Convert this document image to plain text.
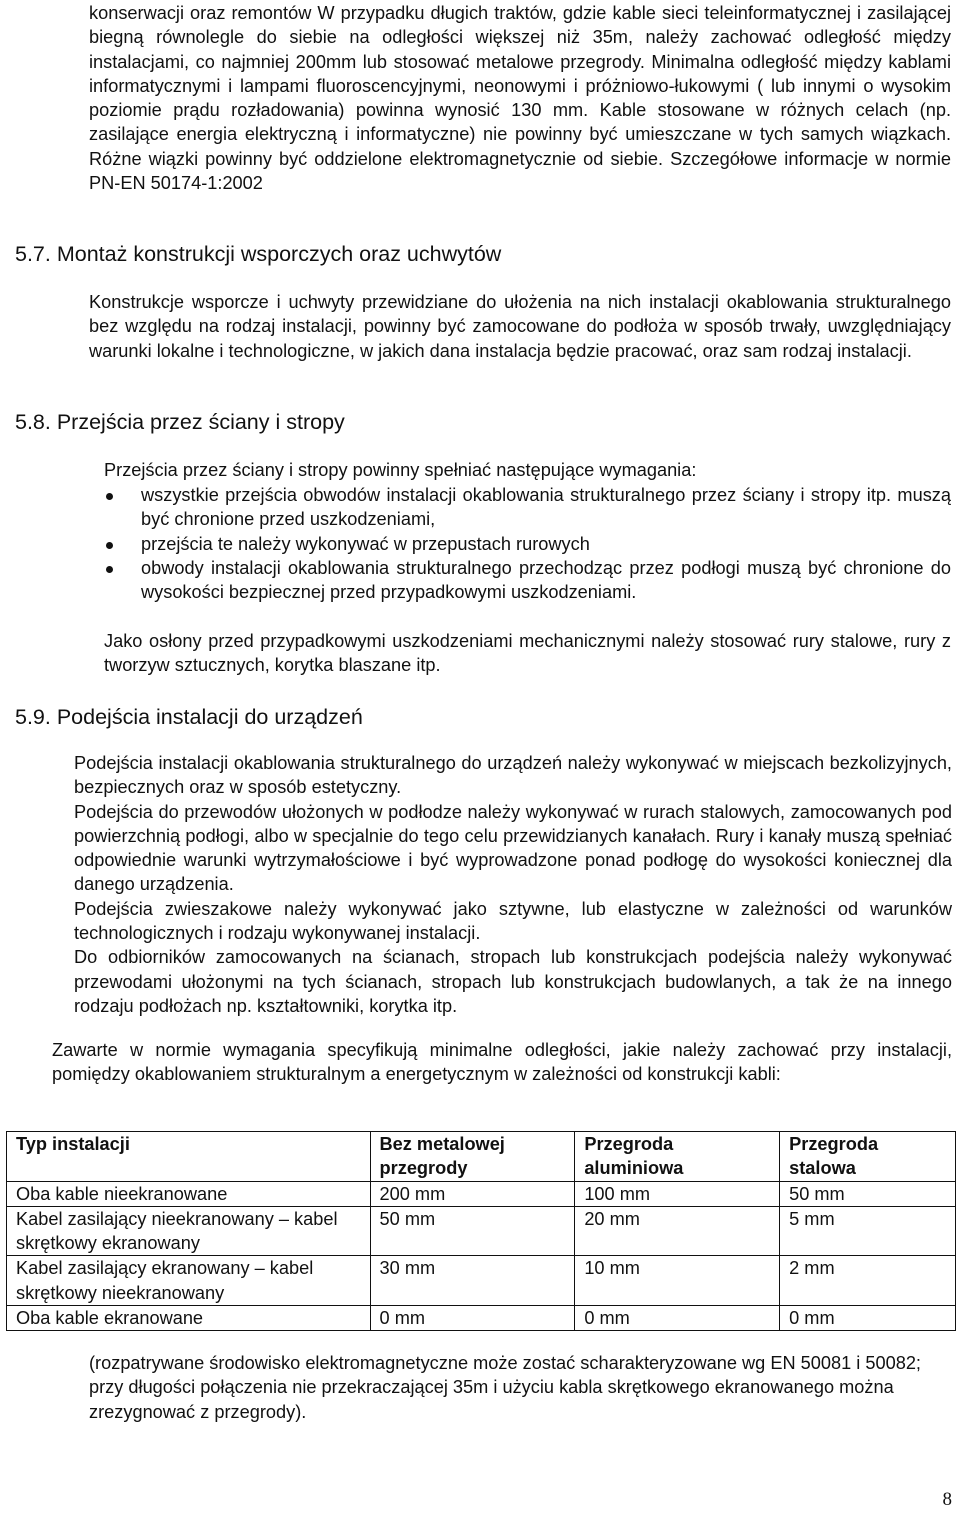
konserwacji oraz remontów W przypadku długich traktów, gdzie kable sieci teleinformatycznej i zasilającej biegną równolegle do siebie na odległości większej niż 35m, należy zachować odległość między instalacjami, co najmniej 200mm lub stosować metalowe przegrody. Minimalna odległość między kablami informatycznymi i lampami fluoroscencyjnymi, neonowymi i próżniowo-łukowymi ( lub innymi o wysokim poziomie prądu rozładowania) powinna wynosić 130 mm. Kable stosowane w różnych celach (np. zasilające energia elektryczną i informatyczne) nie powinny być umieszczane w tych samych wiązkach. Różne wiązki powinny być oddzielone elektromagnetycznie od siebie. Szczegółowe informacje w normie PN-EN 50174-1:2002
5.7. Montaż konstrukcji wsporczych oraz uchwytów
Konstrukcje wsporcze i uchwyty przewidziane do ułożenia na nich instalacji okablowania strukturalnego bez względu na rodzaj instalacji, powinny być zamocowane do podłoża w sposób trwały, uwzględniający warunki lokalne i technologiczne, w jakich dana instalacja będzie pracować, oraz sam rodzaj instalacji.
5.8. Przejścia przez ściany i stropy
Przejścia przez ściany i stropy powinny spełniać następujące wymagania:
wszystkie przejścia obwodów instalacji okablowania strukturalnego przez ściany i stropy itp. muszą być chronione przed uszkodzeniami,
przejścia te należy wykonywać w przepustach rurowych
obwody instalacji okablowania strukturalnego przechodząc przez podłogi muszą być chronione do wysokości bezpiecznej przed przypadkowymi uszkodzeniami.
Jako osłony przed przypadkowymi uszkodzeniami mechanicznymi należy stosować rury stalowe, rury z tworzyw sztucznych, korytka blaszane itp.
5.9. Podejścia instalacji do urządzeń

Podejścia instalacji okablowania strukturalnego do urządzeń należy wykonywać w miejscach bezkolizyjnych, bezpiecznych oraz w sposób estetyczny.

Podejścia do przewodów ułożonych w podłodze należy wykonywać w rurach stalowych, zamocowanych pod powierzchnią podłogi, albo w specjalnie do tego celu przewidzianych kanałach. Rury i kanały muszą spełniać odpowiednie warunki wytrzymałościowe i być wyprowadzone ponad podłogę do wysokości koniecznej dla danego urządzenia.

Podejścia zwieszakowe należy wykonywać jako sztywne, lub elastyczne w zależności od warunków technologicznych i rodzaju wykonywanej instalacji.

Do odbiorników zamocowanych na ścianach, stropach lub konstrukcjach podejścia należy wykonywać przewodami ułożonymi na tych ścianach, stropach lub konstrukcjach budowlanych, a tak że na innego rodzaju podłożach np. kształtowniki, korytka itp.

Zawarte w normie wymagania specyfikują minimalne odległości, jakie należy zachować przy instalacji, pomiędzy okablowaniem strukturalnym a energetycznym w zależności od konstrukcji kabli:
Typ instalacji	Bez metalowej przegrody	Przegroda aluminiowa	Przegroda stalowa
Oba kable nieekranowane	200 mm	100 mm	50 mm
Kabel zasilający nieekranowany – kabel skrętkowy ekranowany	50 mm	20 mm	5 mm
Kabel zasilający ekranowany – kabel skrętkowy nieekranowany	30 mm	10 mm	2 mm
Oba kable ekranowane	0 mm	0 mm	0 mm
(rozpatrywane środowisko elektromagnetyczne może zostać scharakteryzowane wg EN 50081 i 50082; przy długości połączenia nie przekraczającej 35m i użyciu kabla skrętkowego ekranowanego można zrezygnować z przegrody).
8
